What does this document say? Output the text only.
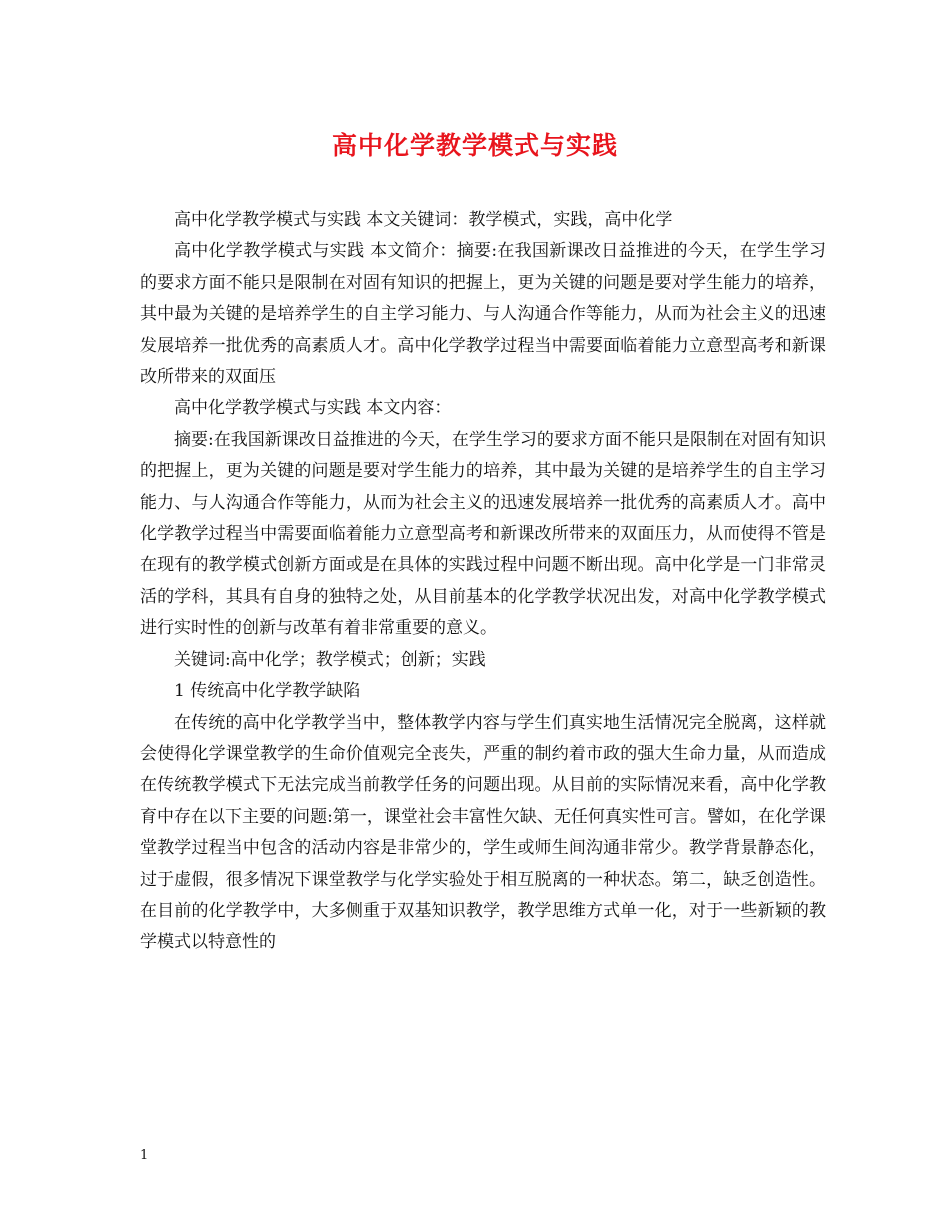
高中化学教学模式与实践

高中化学教学模式与实践 本文关键词：教学模式，实践，高中化学

高中化学教学模式与实践 本文简介：摘要:在我国新课改日益推进的今天，在学生学习的要求方面不能只是限制在对固有知识的把握上，更为关键的问题是要对学生能力的培养，其中最为关键的是培养学生的自主学习能力、与人沟通合作等能力，从而为社会主义的迅速发展培养一批优秀的高素质人才。高中化学教学过程当中需要面临着能力立意型高考和新课改所带来的双面压

高中化学教学模式与实践 本文内容：

摘要:在我国新课改日益推进的今天，在学生学习的要求方面不能只是限制在对固有知识的把握上，更为关键的问题是要对学生能力的培养，其中最为关键的是培养学生的自主学习能力、与人沟通合作等能力，从而为社会主义的迅速发展培养一批优秀的高素质人才。高中化学教学过程当中需要面临着能力立意型高考和新课改所带来的双面压力，从而使得不管是在现有的教学模式创新方面或是在具体的实践过程中问题不断出现。高中化学是一门非常灵活的学科，其具有自身的独特之处，从目前基本的化学教学状况出发，对高中化学教学模式进行实时性的创新与改革有着非常重要的意义。

关键词:高中化学；教学模式；创新；实践

1 传统高中化学教学缺陷

在传统的高中化学教学当中，整体教学内容与学生们真实地生活情况完全脱离，这样就会使得化学课堂教学的生命价值观完全丧失，严重的制约着市政的强大生命力量，从而造成在传统教学模式下无法完成当前教学任务的问题出现。从目前的实际情况来看，高中化学教育中存在以下主要的问题:第一，课堂社会丰富性欠缺、无任何真实性可言。譬如，在化学课堂教学过程当中包含的活动内容是非常少的，学生或师生间沟通非常少。教学背景静态化，过于虚假，很多情况下课堂教学与化学实验处于相互脱离的一种状态。第二，缺乏创造性。在目前的化学教学中，大多侧重于双基知识教学，教学思维方式单一化，对于一些新颖的教学模式以特意性的

1
